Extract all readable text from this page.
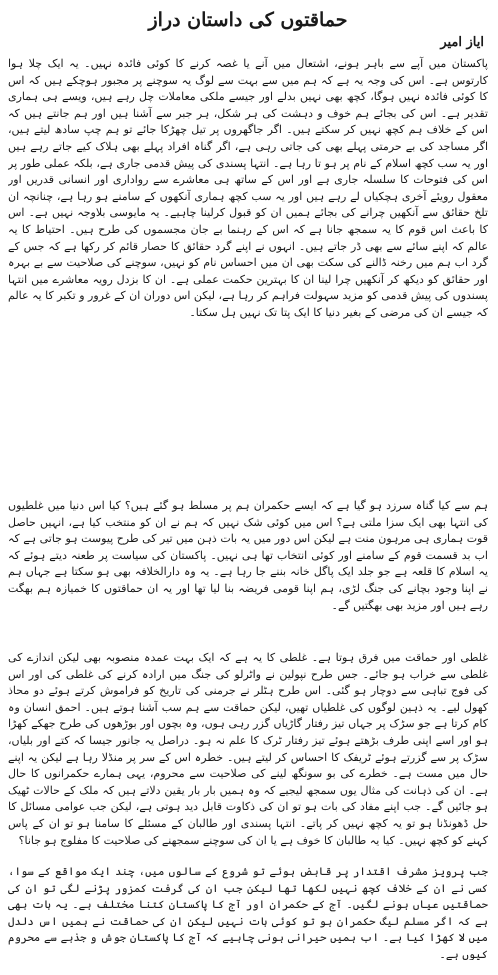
حماقتوں کی داستان دراز
ایاز امیر

پاکستان میں آپے سے باہر ہونے، اشتعال میں آنے یا غصہ کرنے کا کوئی فائدہ نہیں۔ یہ ایک چلا ہوا کارتوس ہے۔ اس کی وجہ یہ ہے کہ ہم میں سے بہت سے لوگ یہ سوچنے پر مجبور ہوچکے ہیں کہ اس کا کوئی فائدہ نہیں ہوگا، کچھ بھی نہیں بدلے اور جیسے ملکی معاملات چل رہے ہیں، ویسے ہی ہماری تقدیر ہے۔ اس کی بجائے ہم خوف و دہشت کی ہر شکل، ہر جبر سے آشنا ہیں اور ہم جانتے ہیں کہ اس کے خلاف ہم کچھ نہیں کر سکتے ہیں۔ اگر جاگھروں پر تیل چھڑکا جائے تو ہم چپ سادھ لیتے ہیں، اگر مساجد کی بے حرمتی پہلے بھی کی جاتی رہی ہے، اگر گناہ افراد پہلے بھی ہلاک کیے جاتے رہے ہیں اور یہ سب کچھ اسلام کے نام پر ہو تا رہا ہے۔ انتہا پسندی کی پیش قدمی جاری ہے، بلکہ عملی طور پر اس کی فتوحات کا سلسلہ جاری ہے اور اس کے ساتھ ہی معاشرے سے رواداری اور انسانی قدریں اور معقول رویئے آخری ہچکیاں لے رہے ہیں اور یہ سب کچھ ہماری آنکھوں کے سامنے ہو رہا ہے، چنانچہ ان تلخ حقائق سے آنکھیں چرانے کی بجائے ہمیں ان کو قبول کرلینا چاہیے۔ یہ مایوسی بلاوجہ نہیں ہے۔ اس کا باعث اس قوم کا یہ سمجھ جانا ہے کہ اس کے رہنما بے جان مجسموں کی طرح ہیں۔ احتیاط کا یہ عالم کہ اپنے سائے سے بھی ڈر جاتے ہیں۔ انہوں نے اپنے گرد حقائق کا حصار قائم کر رکھا ہے کہ جس کے گرد اب ہم میں رخنہ ڈالنے کی سکت بھی ان میں احساس نام کو نہیں، سوچنے کی صلاحیت سے بے بہرہ اور حقائق کو دیکھ کر آنکھیں چرا لینا ان کا بہترین حکمت عملی ہے۔ ان کا بزدل رویہ معاشرے میں انتہا پسندوں کی پیش قدمی کو مزید سہولت فراہم کر رہا ہے، لیکن اس دوران ان کے غرور و تکبر کا یہ عالم کہ جیسے ان کی مرضی کے بغیر دنیا کا ایک پتا تک نہیں ہل سکتا۔

ہم سے کیا گناہ سرزد ہو گیا ہے کہ ایسے حکمران ہم پر مسلط ہو گئے ہیں؟ کیا اس دنیا میں غلطیوں کی انتہا بھی ایک سزا ملتی ہے؟ اس میں کوئی شک نہیں کہ ہم نے ان کو منتخب کیا ہے، انہیں حاصل قوت ہماری ہی مرہون منت ہے لیکن اس دور میں یہ بات ذہن میں تیر کی طرح پیوست ہو جاتی ہے کہ اب بد قسمت قوم کے سامنے اور کوئی انتخاب تھا ہی نہیں۔ پاکستان کی سیاست پر طعنہ دیتے ہوئے کہ یہ اسلام کا قلعہ ہے جو جلد ایک پاگل خانہ بننے جا رہا ہے۔ یہ وہ دارالخلافہ بھی ہو سکتا ہے جہاں ہم نے اپنا وجود بچانے کی جنگ لڑی، ہم اپنا قومی فریضہ بنا لیا تھا اور یہ ان حماقتوں کا خمیازہ ہم بھگت رہے ہیں اور مزید بھی بھگتیں گے۔

غلطی اور حماقت میں فرق ہوتا ہے۔ غلطی کا یہ ہے کہ ایک بہت عمدہ منصوبہ بھی لیکن اندازے کی غلطی سے خراب ہو جائے۔ جس طرح نپولین نے واٹرلو کی جنگ میں ارادہ کرنے کی غلطی کی اور اس کی فوج تباہی سے دوچار ہو گئی۔ اس طرح ہٹلر نے جرمنی کی تاریخ کو فراموش کرتے ہوئے دو محاذ کھول لیے۔ یہ ذہین لوگوں کی غلطیاں تھیں، لیکن حماقت سے ہم سب آشنا ہوتے ہیں۔ احمق انسان وہ کام کرتا ہے جو سڑک پر جہاں تیز رفتار گاڑیاں گزر رہی ہوں، وہ بچوں اور بوڑھوں کی طرح جھکے کھڑا ہو اور اسے اپنی طرف بڑھتے ہوئے تیز رفتار ٹرک کا علم نہ ہو۔ دراصل یہ جانور جیسا کہ کتے اور بلیاں، سڑک پر سے گزرتے ہوئے ٹریفک کا احساس کر لیتے ہیں۔ خطرہ اس کے سر پر منڈلا رہا ہے لیکن یہ اپنے حال میں مست ہے۔ خطرے کی بو سونگھ لینے کی صلاحیت سے محروم، یہی ہمارے حکمرانوں کا حال ہے۔ ان کی ذہانت کی مثال یوں سمجھ لیجیے کہ وہ ہمیں بار بار یقین دلاتے ہیں کہ ملک کے حالات ٹھیک ہو جائیں گے۔ جب اپنے مفاد کی بات ہو تو ان کی ذکاوت قابل دید ہوتی ہے، لیکن جب عوامی مسائل کا حل ڈھونڈنا ہو تو یہ کچھ نہیں کر پاتے۔ انتہا پسندی اور طالبان کے مسئلے کا سامنا ہو تو ان کے پاس کہنے کو کچھ نہیں۔ کیا یہ طالبان کا خوف ہے یا ان کی سوچنے سمجھنے کی صلاحیت کا مفلوج ہو جانا؟

جب پرویز مشرف اقتدار پر قابض ہوئے تو شروع کے سالوں میں، چند ایک مواقع کے سوا، کسی نے ان کے خلاف کچھ نہیں لکھا تھا لیکن جب ان کی گرفت کمزور پڑنے لگی تو ان کی حماقتیں عیاں ہونے لگیں۔ آج کے حکمران اور آج کا پاکستان کتنا مختلف ہے۔ یہ بات بھی ہے کہ اگر مسلم لیگ حکمران ہو تو کوئی بات نہیں لیکن ان کی حماقت نے ہمیں اس دلدل میں لا کھڑا کیا ہے۔ اب ہمیں حیرانی ہونی چاہیے کہ آج کا پاکستان جوش و جذبے سے محروم کیوں ہے۔
